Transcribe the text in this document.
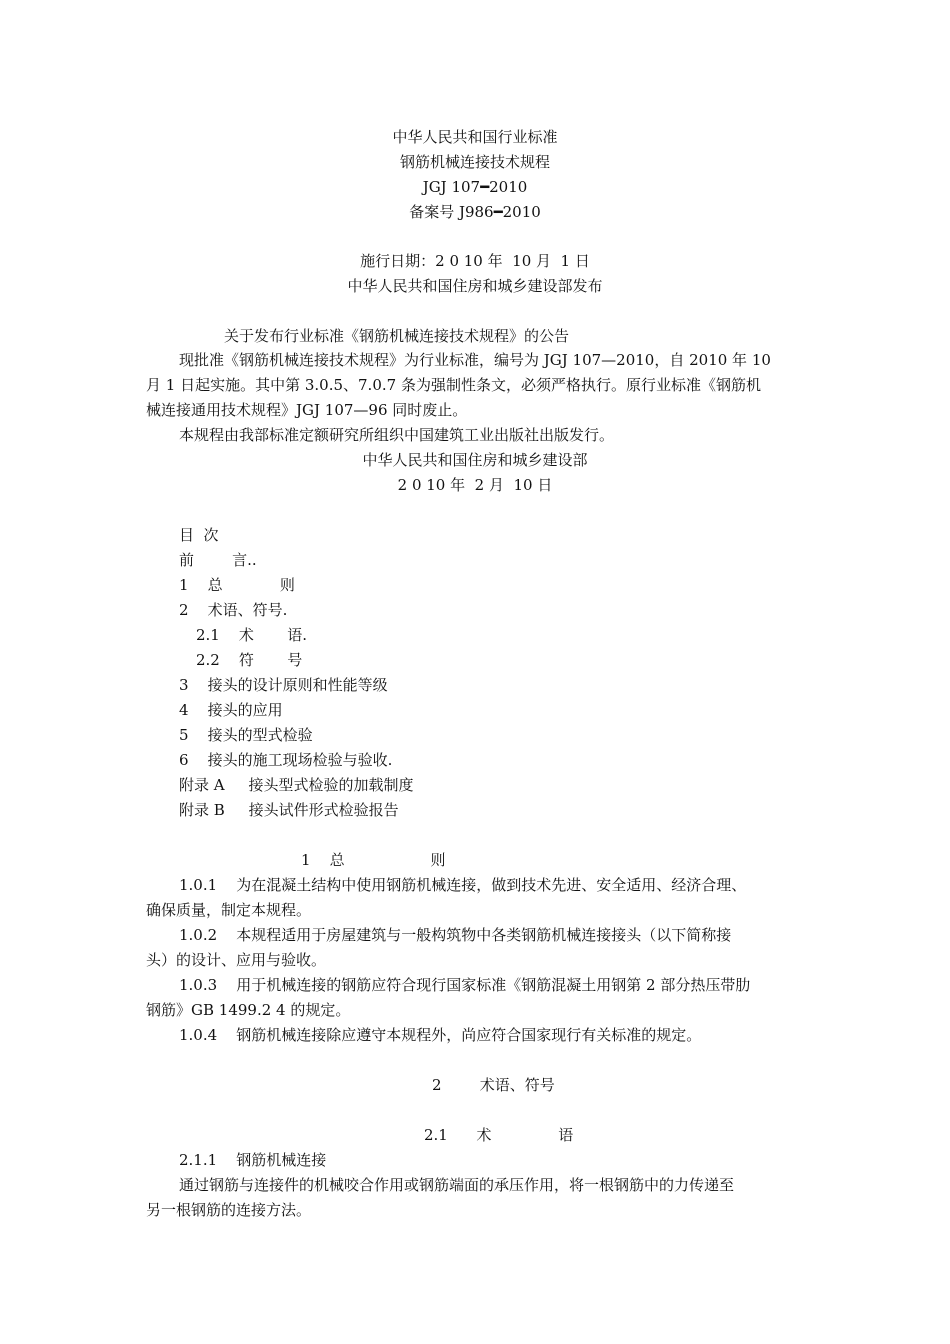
中华人民共和国行业标准
钢筋机械连接技术规程
JGJ 107━2010
备案号 J986━2010
施行日期：2 0 10 年  10 月  1 日
中华人民共和国住房和城乡建设部发布
关于发布行业标准《钢筋机械连接技术规程》的公告
现批准《钢筋机械连接技术规程》为行业标准，编号为 JGJ 107—2010，自 2010 年 10
月 1 日起实施。其中第 3.0.5、7.0.7 条为强制性条文，必须严格执行。原行业标准《钢筋机
械连接通用技术规程》JGJ 107—96 同时废止。
本规程由我部标准定额研究所组织中国建筑工业出版社出版发行。
中华人民共和国住房和城乡建设部
2 0 10 年  2 月  10 日
目  次
前        言..
1    总            则
2    术语、符号.
2.1    术       语.
2.2    符       号
3    接头的设计原则和性能等级
4    接头的应用
5    接头的型式检验
6    接头的施工现场检验与验收.
附录 A     接头型式检验的加载制度
附录 B     接头试件形式检验报告
1    总                  则
1.0.1    为在混凝土结构中使用钢筋机械连接，做到技术先进、安全适用、经济合理、
确保质量，制定本规程。
1.0.2    本规程适用于房屋建筑与一般构筑物中各类钢筋机械连接接头（以下简称接
头）的设计、应用与验收。
1.0.3    用于机械连接的钢筋应符合现行国家标准《钢筋混凝土用钢第 2 部分热压带肋
钢筋》GB 1499.2 4 的规定。
1.0.4    钢筋机械连接除应遵守本规程外，尚应符合国家现行有关标准的规定。
2        术语、符号
2.1      术              语
2.1.1    钢筋机械连接
通过钢筋与连接件的机械咬合作用或钢筋端面的承压作用，将一根钢筋中的力传递至
另一根钢筋的连接方法。
